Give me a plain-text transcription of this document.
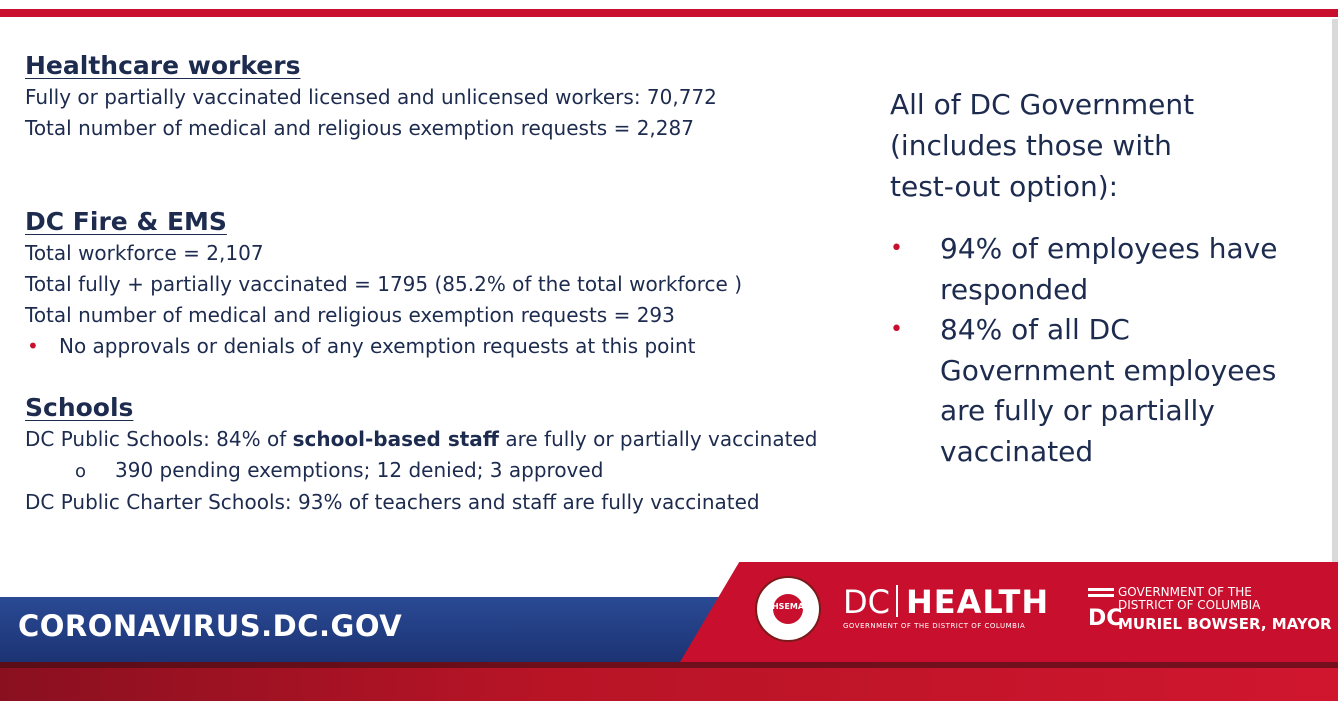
Healthcare workers
Fully or partially vaccinated licensed and unlicensed workers: 70,772
Total number of medical and religious exemption requests = 2,287
DC Fire & EMS
Total workforce = 2,107
Total fully + partially vaccinated = 1795 (85.2% of the total workforce )
Total number of medical and religious exemption requests = 293
• No approvals or denials of any exemption requests at this point
Schools
DC Public Schools: 84% of school-based staff are fully or partially vaccinated
o 390 pending exemptions; 12 denied; 3 approved
DC Public Charter Schools: 93% of teachers and staff are fully vaccinated
All of DC Government
(includes those with
test-out option):
• 94% of employees have
responded
• 84% of all DC
Government employees
are fully or partially
vaccinated
CORONAVIRUS.DC.GOV
HSEMA	DC HEALTH
GOVERNMENT OF THE DISTRICT OF COLUMBIA	DC
GOVERNMENT OF THE
DISTRICT OF COLUMBIA
MURIEL BOWSER, MAYOR
